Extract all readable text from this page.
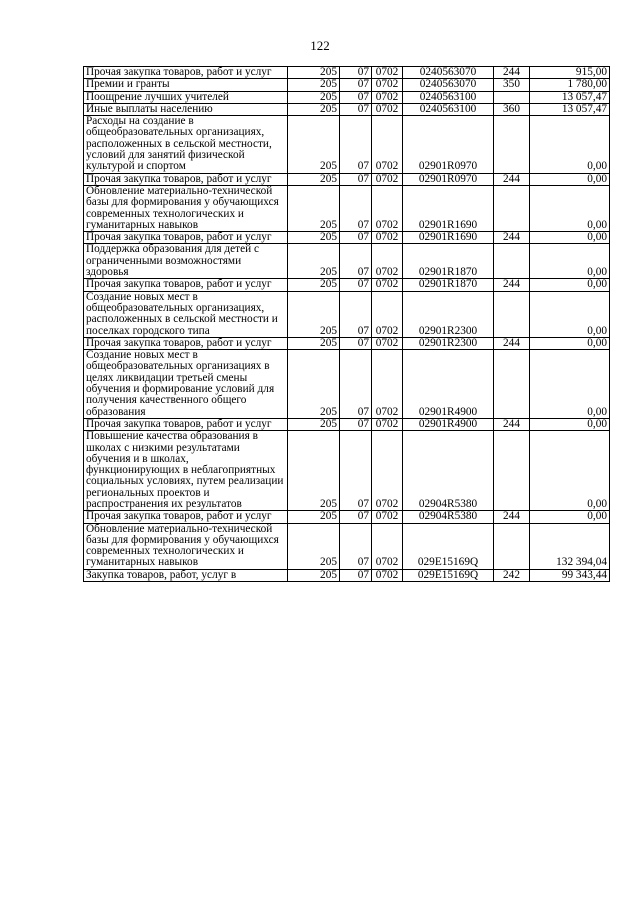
122
Прочая закупка товаров, работ и услуг	205	07	0702	0240563070	244	915,00
Премии и гранты	205	07	0702	0240563070	350	1 780,00
Поощрение лучших учителей	205	07	0702	0240563100		13 057,47
Иные выплаты населению	205	07	0702	0240563100	360	13 057,47
Расходы на создание в общеобразовательных организациях, расположенных в сельской местности, условий для занятий физической культурой и спортом	205	07	0702	02901R0970		0,00
Прочая закупка товаров, работ и услуг	205	07	0702	02901R0970	244	0,00
Обновление материально-технической базы для формирования у обучающихся современных технологических и гуманитарных навыков	205	07	0702	02901R1690		0,00
Прочая закупка товаров, работ и услуг	205	07	0702	02901R1690	244	0,00
Поддержка образования для детей с ограниченными возможностями здоровья	205	07	0702	02901R1870		0,00
Прочая закупка товаров, работ и услуг	205	07	0702	02901R1870	244	0,00
Создание новых мест в общеобразовательных организациях, расположенных в сельской местности и поселках городского типа	205	07	0702	02901R2300		0,00
Прочая закупка товаров, работ и услуг	205	07	0702	02901R2300	244	0,00
Создание новых мест в общеобразовательных организациях в целях ликвидации третьей смены обучения и формирование условий для получения качественного общего образования	205	07	0702	02901R4900		0,00
Прочая закупка товаров, работ и услуг	205	07	0702	02901R4900	244	0,00
Повышение качества образования в школах с низкими результатами обучения и в школах, функционирующих в неблагоприятных социальных условиях, путем реализации региональных проектов и распространения их результатов	205	07	0702	02904R5380		0,00
Прочая закупка товаров, работ и услуг	205	07	0702	02904R5380	244	0,00
Обновление материально-технической базы для формирования у обучающихся современных технологических и гуманитарных навыков	205	07	0702	029E15169Q		132 394,04
Закупка товаров, работ, услуг в	205	07	0702	029E15169Q	242	99 343,44
